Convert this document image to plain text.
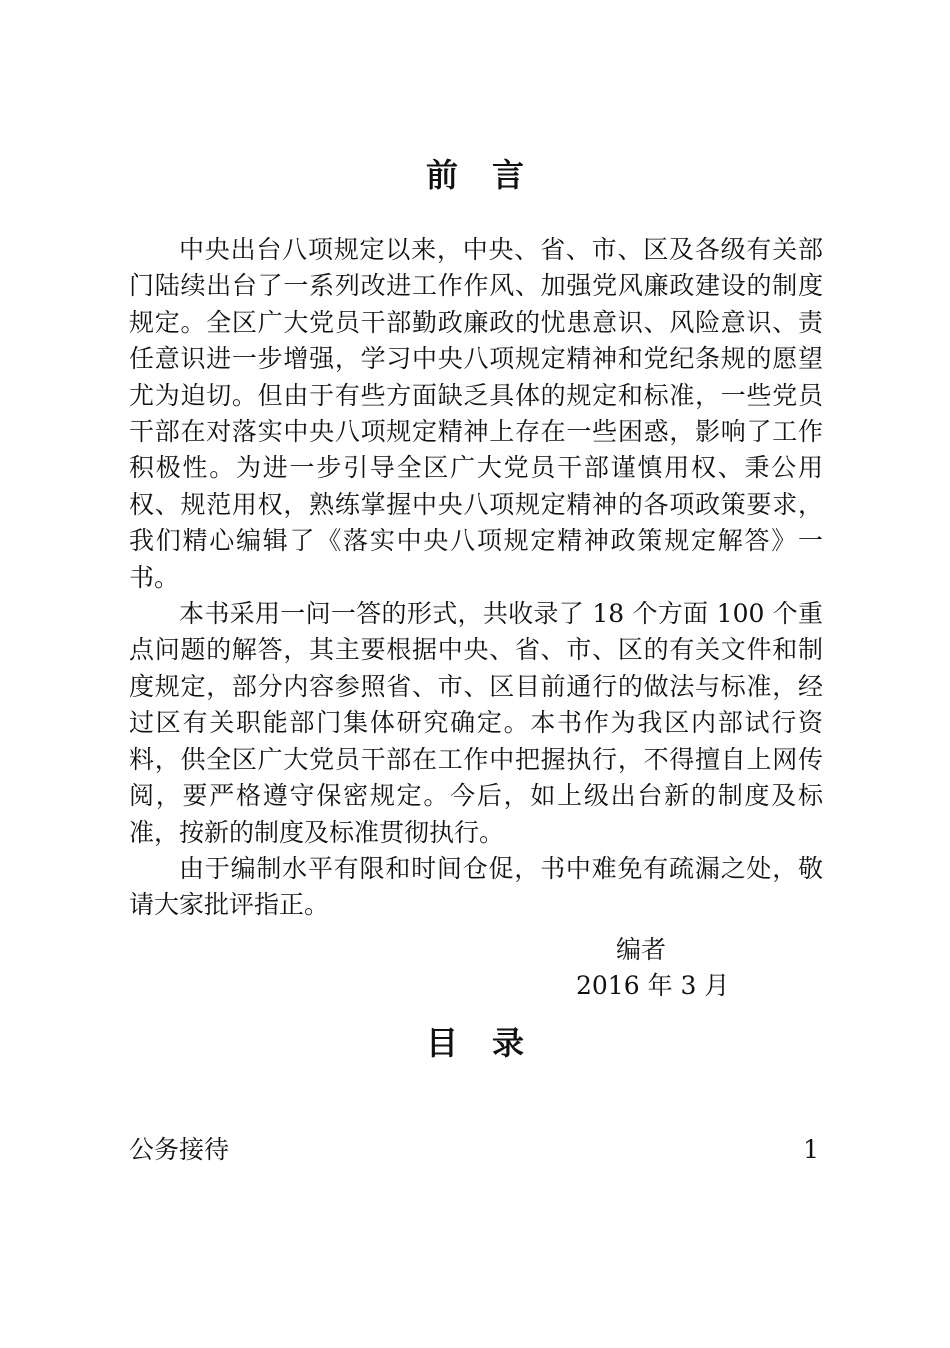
前 言

中央出台八项规定以来，中央、省、市、区及各级有关部门陆续出台了一系列改进工作作风、加强党风廉政建设的制度规定。全区广大党员干部勤政廉政的忧患意识、风险意识、责任意识进一步增强，学习中央八项规定精神和党纪条规的愿望尤为迫切。但由于有些方面缺乏具体的规定和标准，一些党员干部在对落实中央八项规定精神上存在一些困惑，影响了工作积极性。为进一步引导全区广大党员干部谨慎用权、秉公用权、规范用权，熟练掌握中央八项规定精神的各项政策要求，我们精心编辑了《落实中央八项规定精神政策规定解答》一书。

本书采用一问一答的形式，共收录了 18 个方面 100 个重点问题的解答，其主要根据中央、省、市、区的有关文件和制度规定，部分内容参照省、市、区目前通行的做法与标准，经过区有关职能部门集体研究确定。本书作为我区内部试行资料，供全区广大党员干部在工作中把握执行，不得擅自上网传阅，要严格遵守保密规定。今后，如上级出台新的制度及标准，按新的制度及标准贯彻执行。

由于编制水平有限和时间仓促，书中难免有疏漏之处，敬请大家批评指正。

编者
2016 年 3 月
目 录
公务接待	1
